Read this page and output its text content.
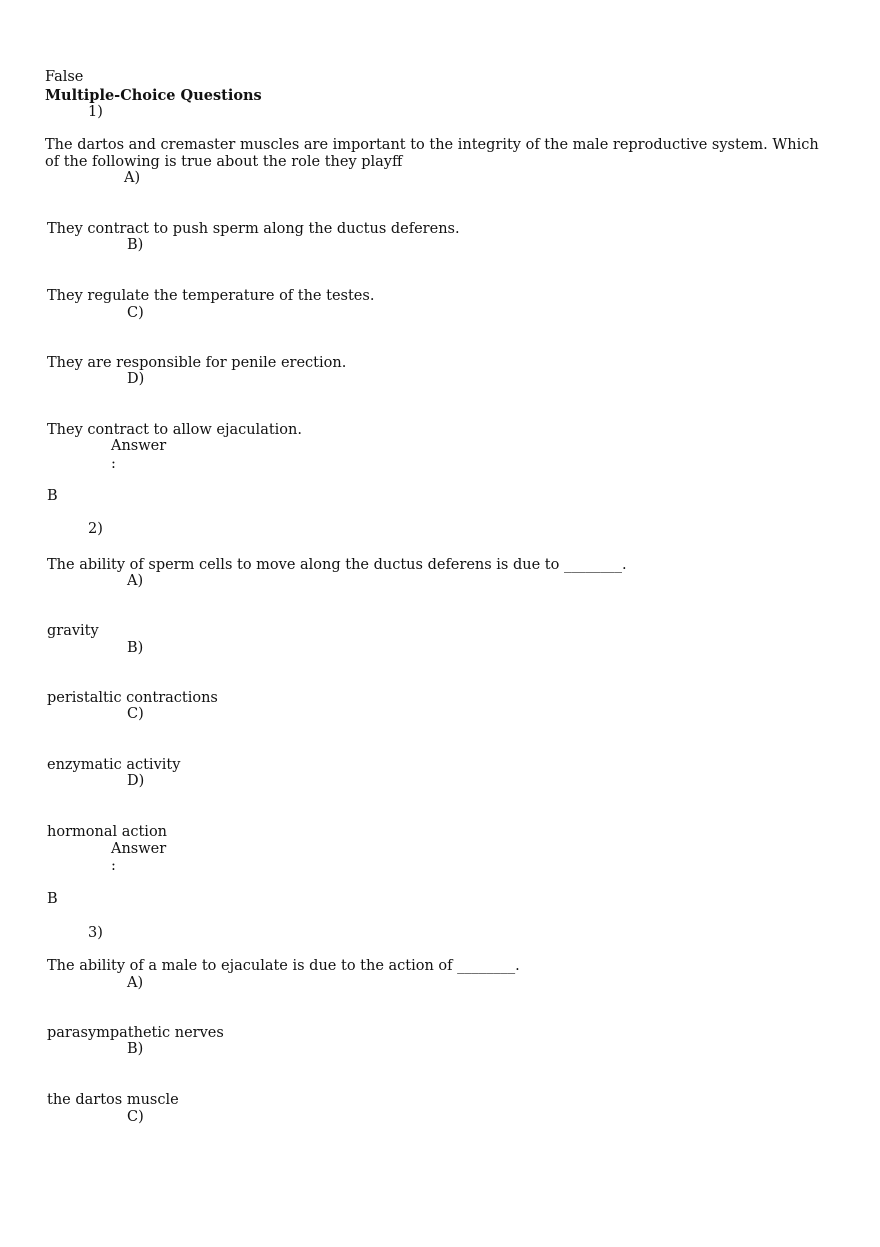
False
Multiple-Choice Questions
1)
The dartos and cremaster muscles are important to the integrity of the male reproductive system. Which of the following is true about the role they playff
A)
They contract to push sperm along the ductus deferens.
B)
They regulate the temperature of the testes.
C)
They are responsible for penile erection.
D)
They contract to allow ejaculation.
Answer
:
B
2)
The ability of sperm cells to move along the ductus deferens is due to ________.
A)
gravity
B)
peristaltic contractions
C)
enzymatic activity
D)
hormonal action
Answer
:
B
3)
The ability of a male to ejaculate is due to the action of ________.
A)
parasympathetic nerves
B)
the dartos muscle
C)
